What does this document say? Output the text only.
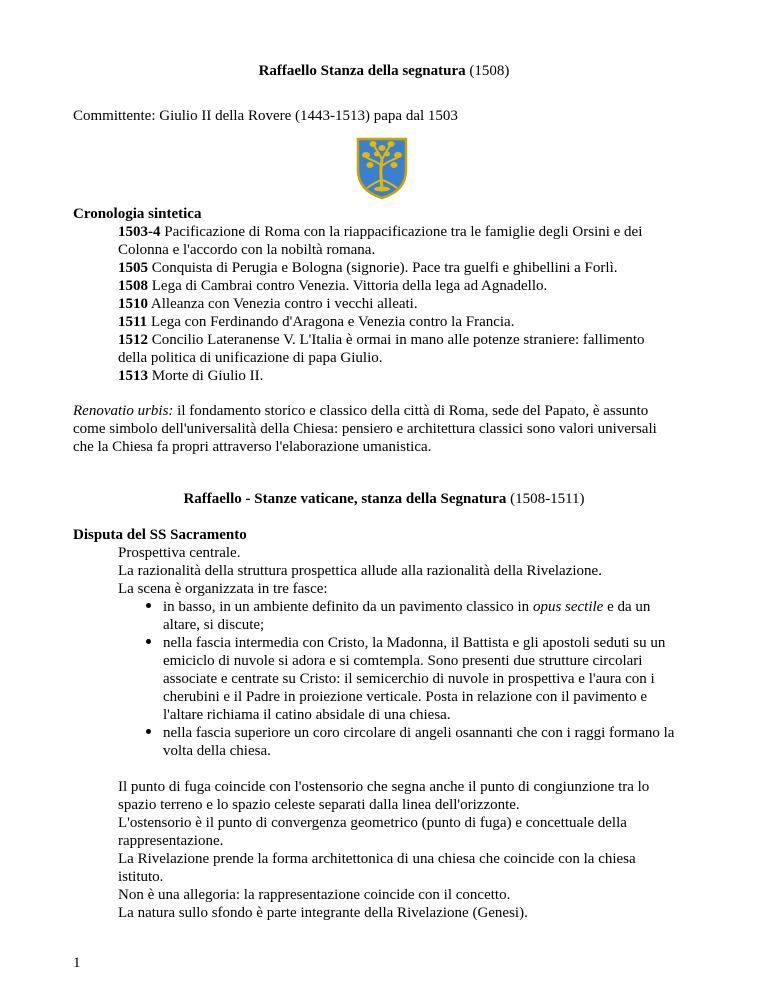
Raffaello Stanza della segnatura (1508)
Committente: Giulio II della Rovere (1443-1513) papa dal 1503
Cronologia sintetica
1503-4 Pacificazione di Roma con la riappacificazione tra le famiglie degli Orsini e dei
Colonna e l'accordo con la nobiltà romana.
1505 Conquista di Perugia e Bologna (signorie). Pace tra guelfi e ghibellini a Forlì.
1508 Lega di Cambrai contro Venezia. Vittoria della lega ad Agnadello.
1510 Alleanza con Venezia contro i vecchi alleati.
1511 Lega con Ferdinando d'Aragona e Venezia contro la Francia.
1512 Concilio Lateranense V. L'Italia è ormai in mano alle potenze straniere: fallimento
della politica di unificazione di papa Giulio.
1513 Morte di Giulio II.
Renovatio urbis: il fondamento storico e classico della città di Roma, sede del Papato, è assunto
come simbolo dell'universalità della Chiesa: pensiero e architettura classici sono valori universali
che la Chiesa fa propri attraverso l'elaborazione umanistica.
Raffaello - Stanze vaticane, stanza della Segnatura (1508-1511)
Disputa del SS Sacramento
Prospettiva centrale.
La razionalità della struttura prospettica allude alla razionalità della Rivelazione.
La scena è organizzata in tre fasce:
in basso, in un ambiente definito da un pavimento classico in opus sectile e da un
altare, si discute;
nella fascia intermedia con Cristo, la Madonna, il Battista e gli apostoli seduti su un
emiciclo di nuvole si adora e si comtempla. Sono presenti due strutture circolari
associate e centrate su Cristo: il semicerchio di nuvole in prospettiva e l'aura con i
cherubini e il Padre in proiezione verticale. Posta in relazione con il pavimento e
l'altare richiama il catino absidale di una chiesa.
nella fascia superiore un coro circolare di angeli osannanti che con i raggi formano la
volta della chiesa.
Il punto di fuga coincide con l'ostensorio che segna anche il punto di congiunzione tra lo
spazio terreno e lo spazio celeste separati dalla linea dell'orizzonte.
L'ostensorio è il punto di convergenza geometrico (punto di fuga) e concettuale della
rappresentazione.
La Rivelazione prende la forma architettonica di una chiesa che coincide con la chiesa
istituto.
Non è una allegoria: la rappresentazione coincide con il concetto.
La natura sullo sfondo è parte integrante della Rivelazione (Genesi).
1
